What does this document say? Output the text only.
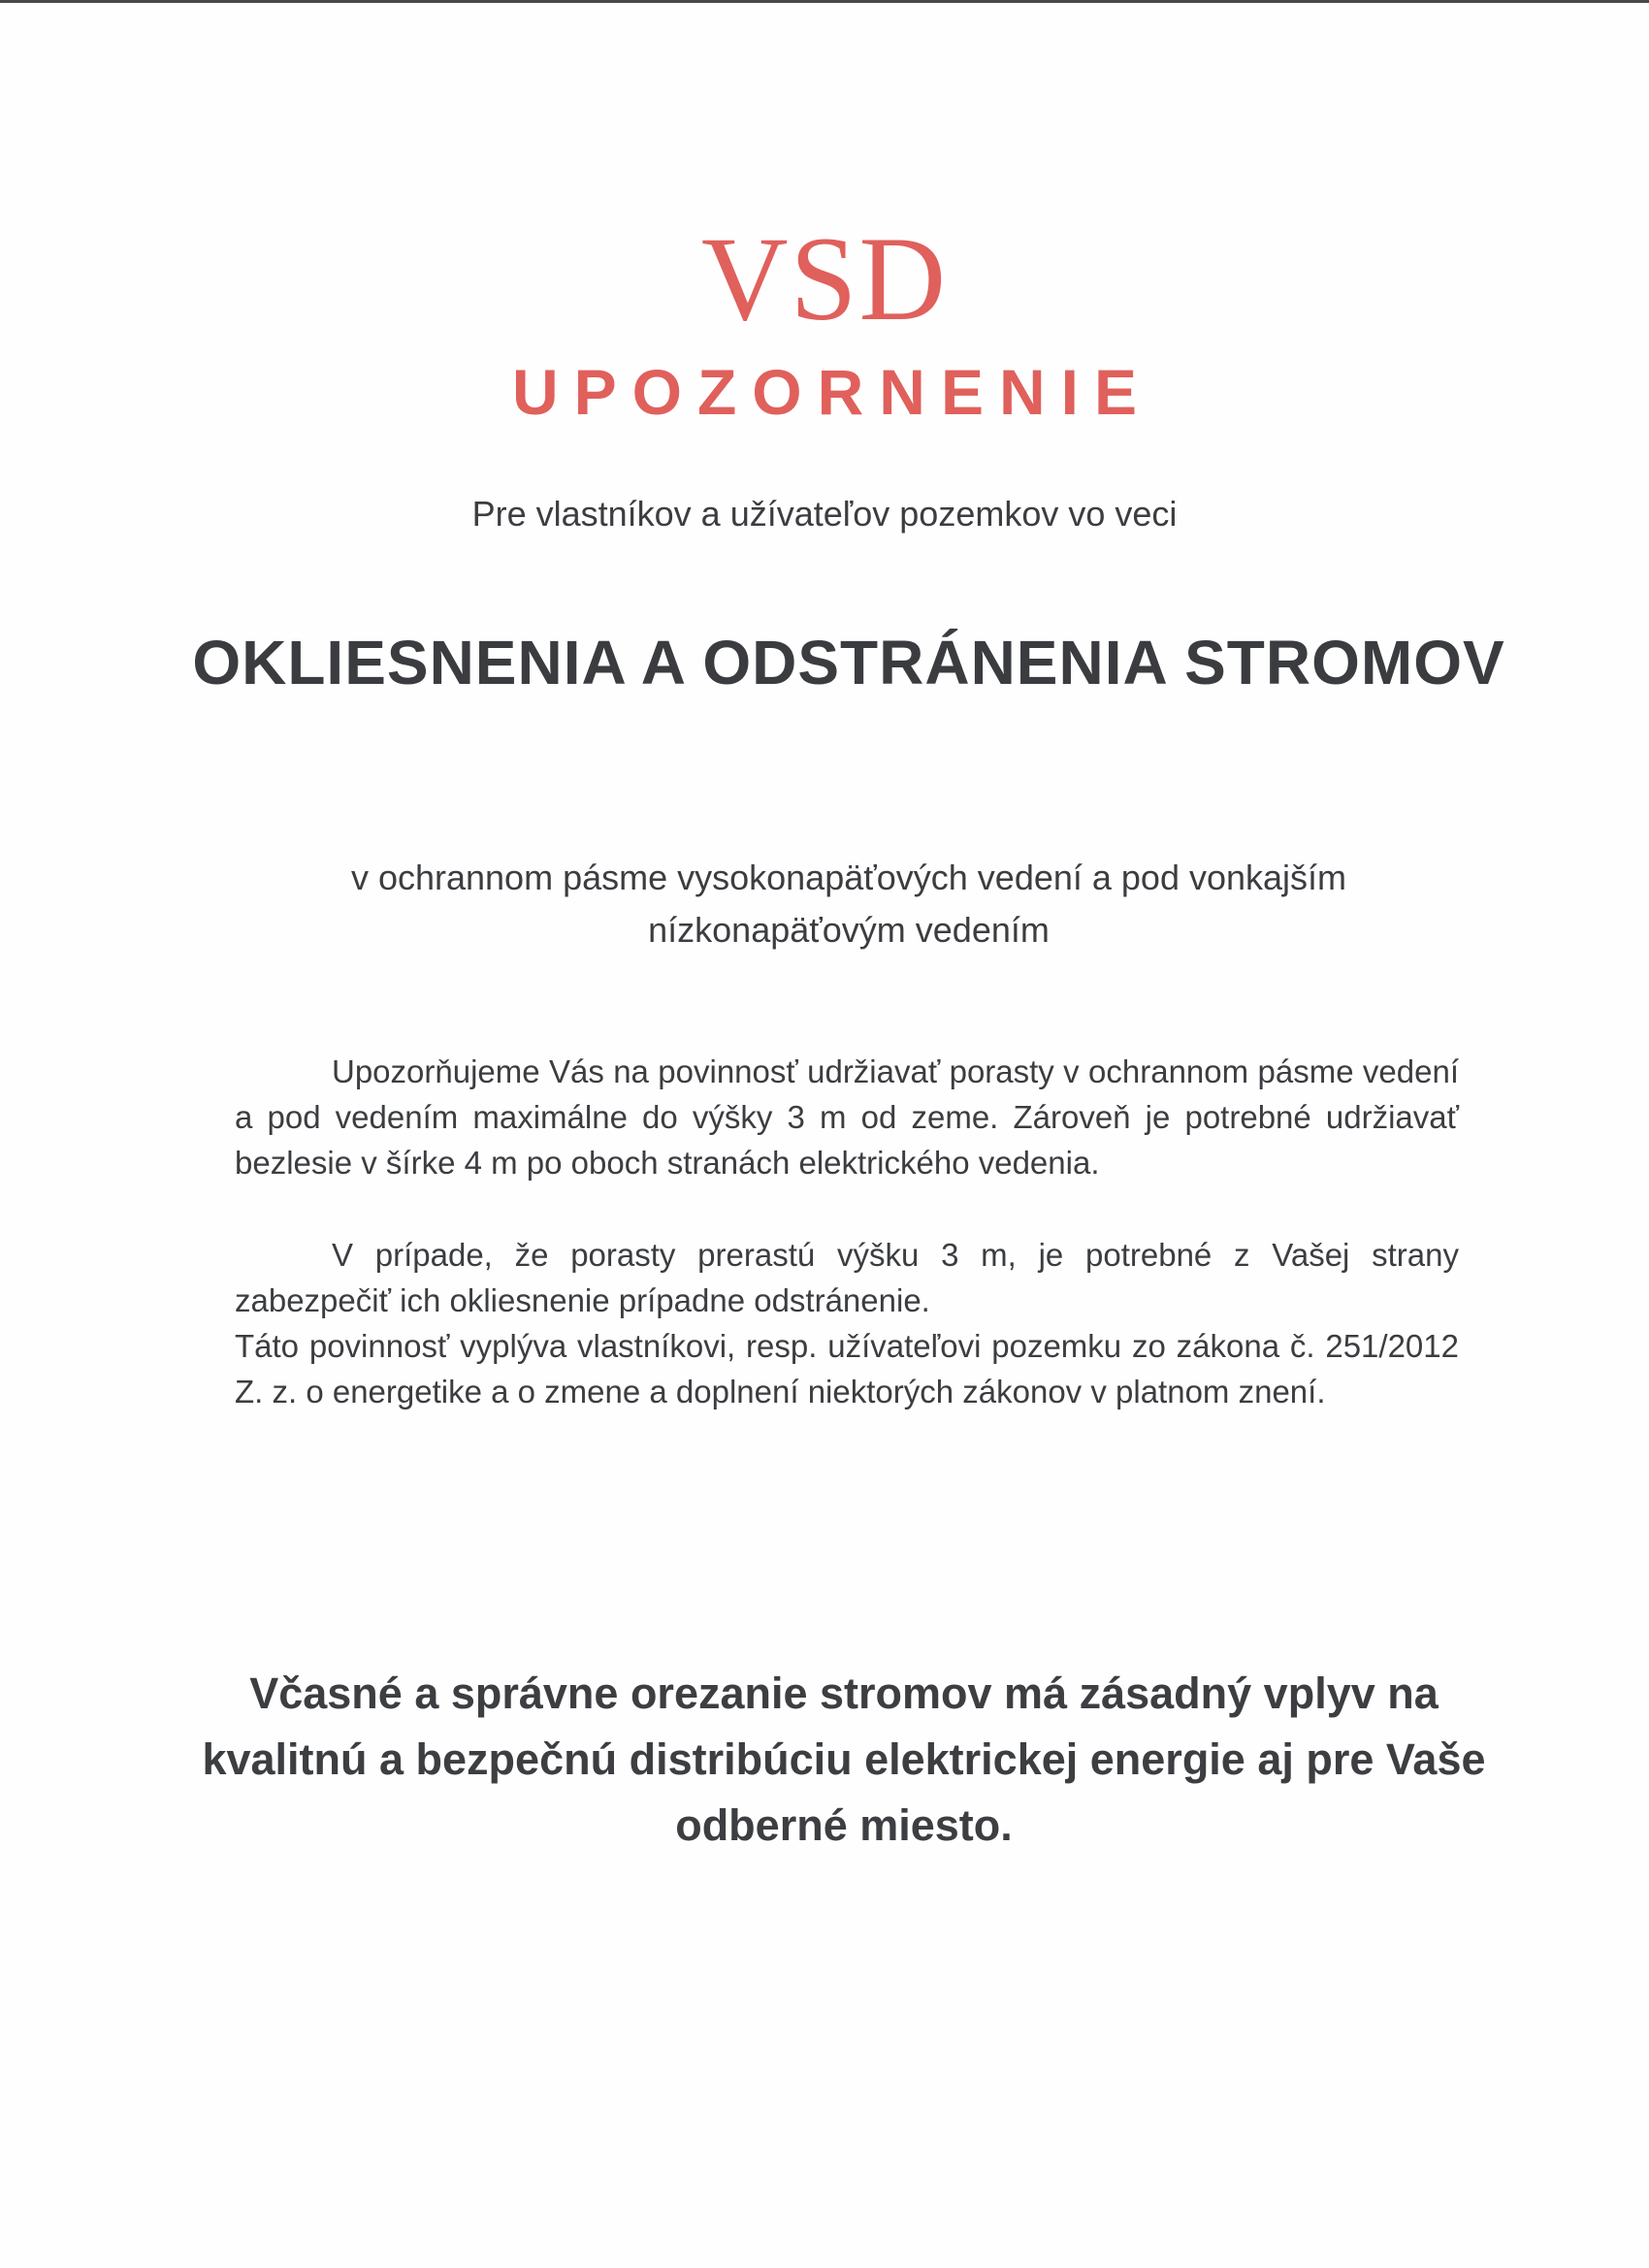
VSD
UPOZORNENIE
Pre vlastníkov a užívateľov pozemkov vo veci
OKLIESNENIA A ODSTRÁNENIA STROMOV
v ochrannom pásme vysokonapäťových vedení a pod vonkajším nízkonapäťovým vedením

Upozorňujeme Vás na povinnosť udržiavať porasty v ochrannom pásme vedení a pod vedením maximálne do výšky 3 m od zeme. Zároveň je potrebné udržiavať bezlesie v šírke 4 m po oboch stranách elektrického vedenia.

V prípade, že porasty prerastú výšku 3 m, je potrebné z Vašej strany zabezpečiť ich okliesnenie prípadne odstránenie.

Táto povinnosť vyplýva vlastníkovi, resp. užívateľovi pozemku zo zákona č. 251/2012 Z. z. o energetike a o zmene a doplnení niektorých zákonov v platnom znení.

Včasné a správne orezanie stromov má zásadný vplyv na kvalitnú a bezpečnú distribúciu elektrickej energie aj pre Vaše odberné miesto.
